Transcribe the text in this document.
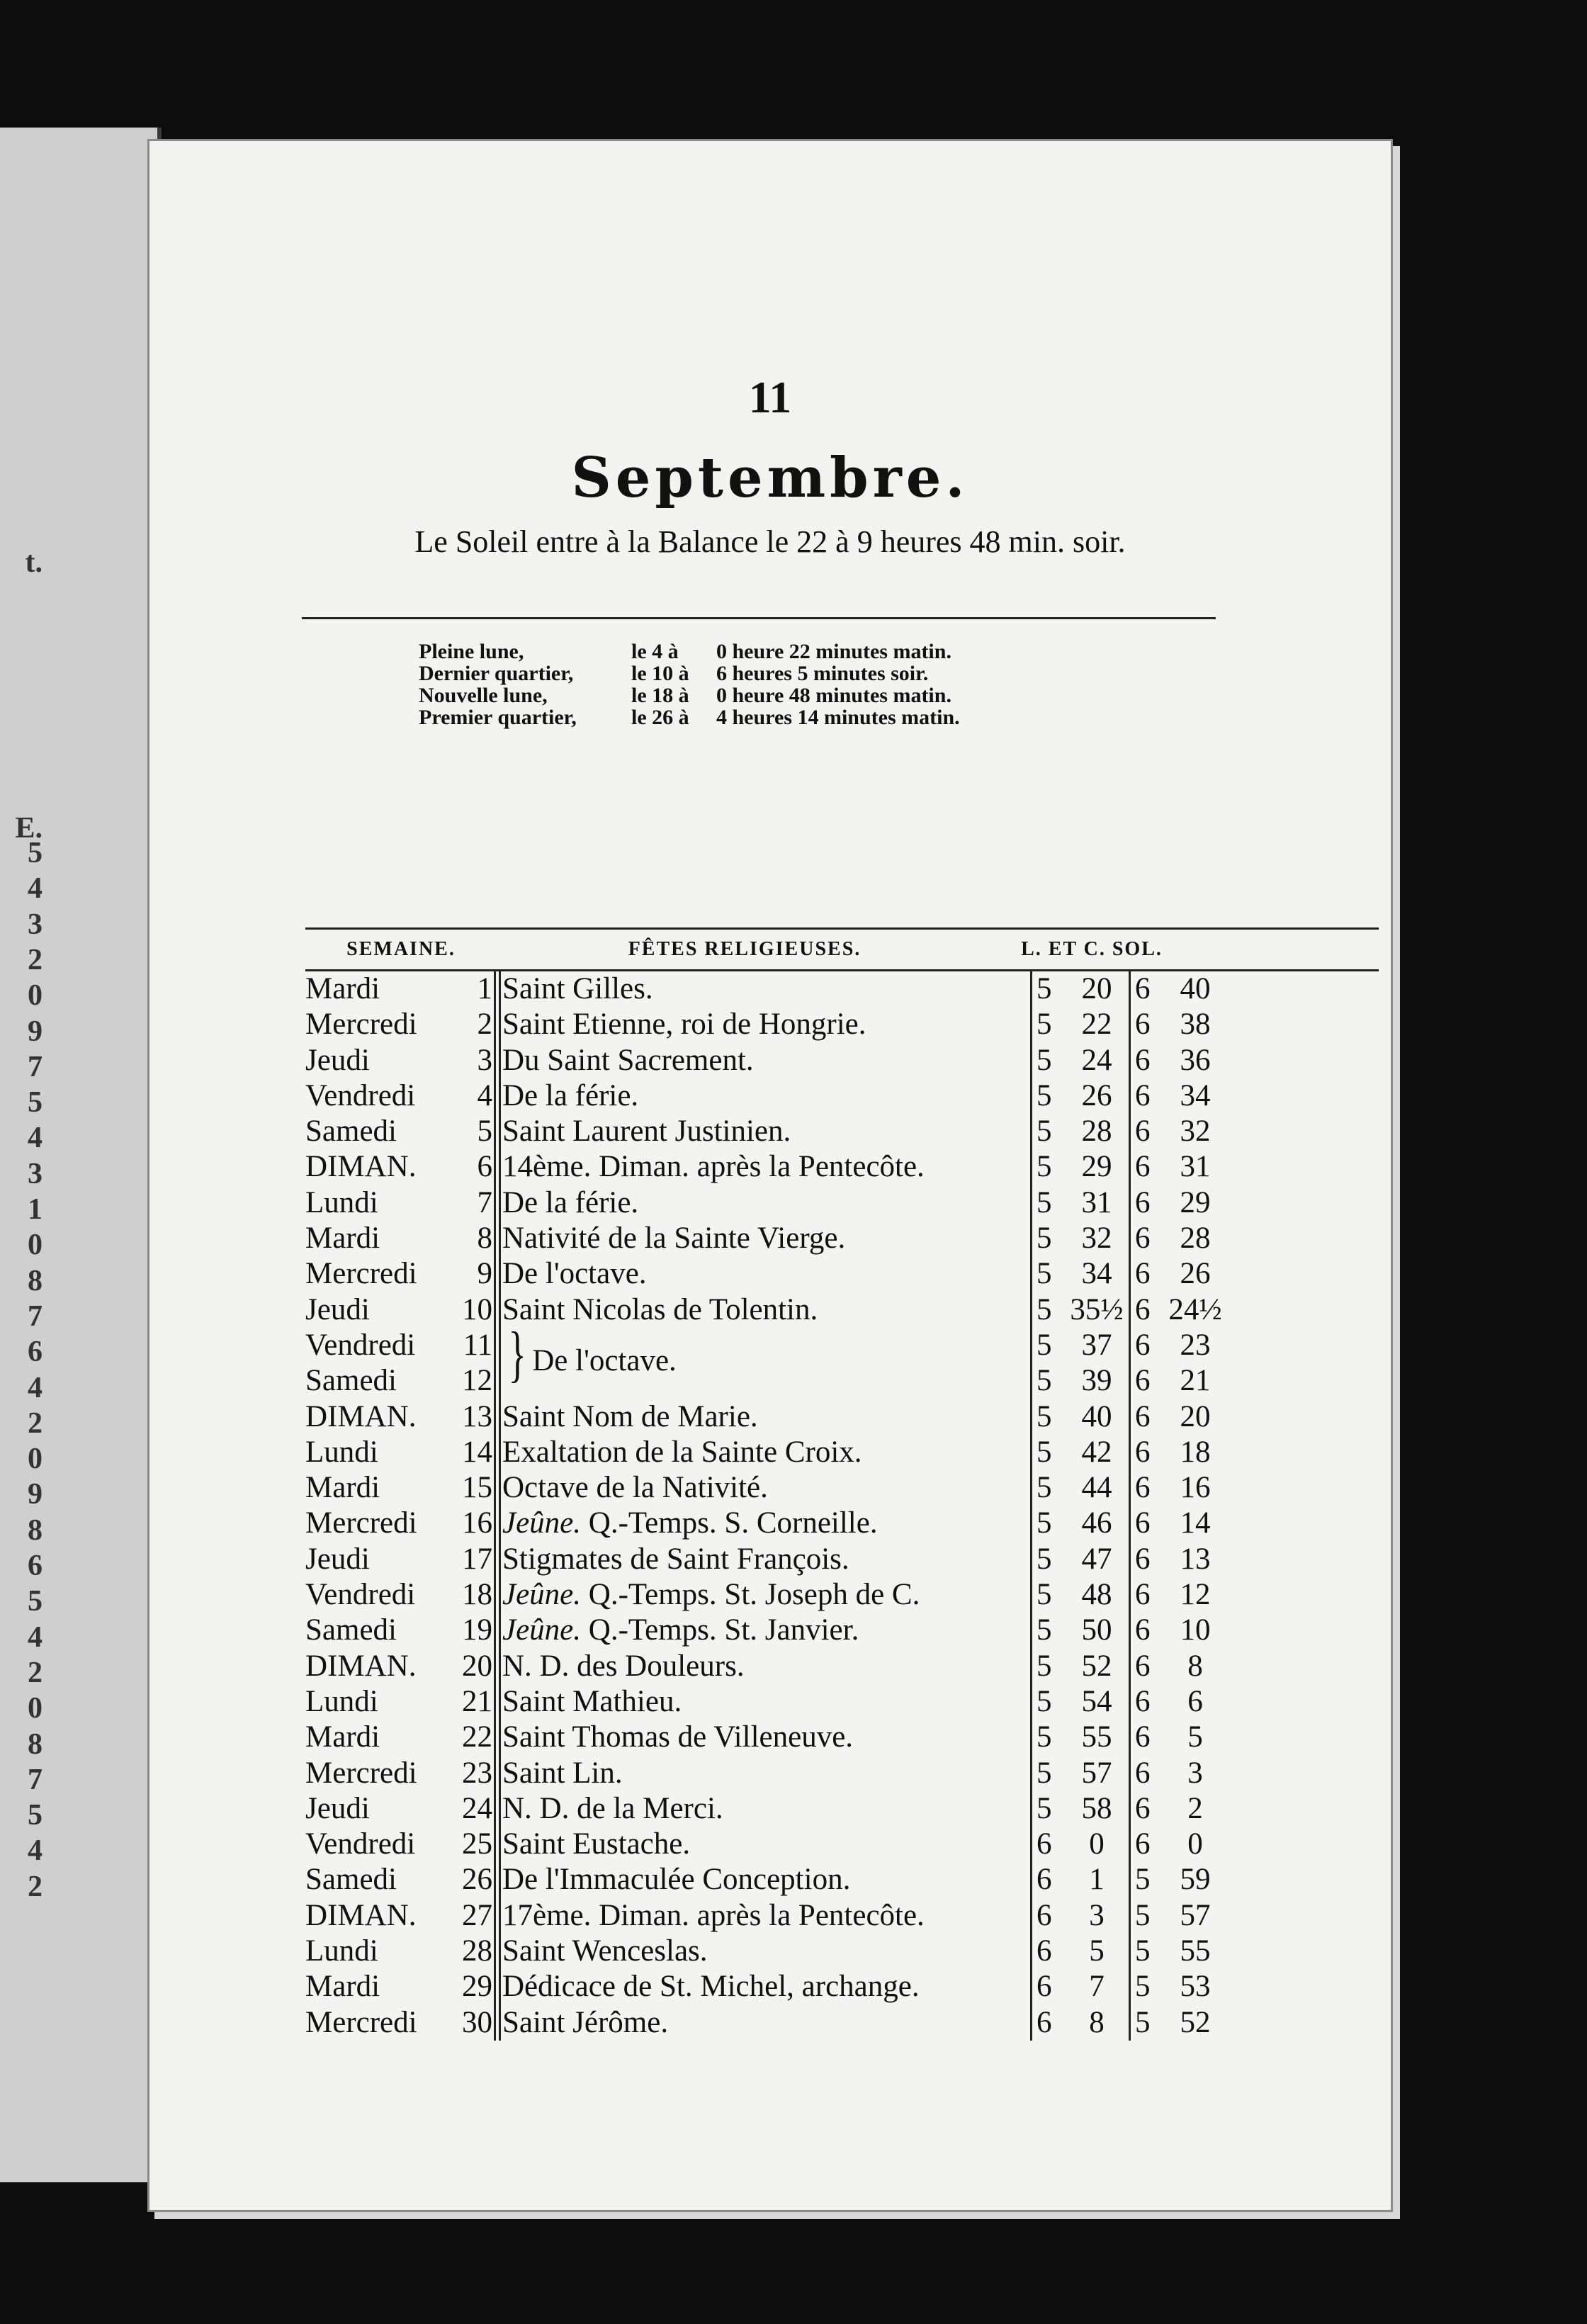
t.
E.
5
4
3
2
0
9
7
5
4
3
1
0
8
7
6
4
2
0
9
8
6
5
4
2
0
8
7
5
4
2
11
Septembre.
Le Soleil entre à la Balance le 22 à 9 heures 48 min. soir.
Pleine lune,	le 4 à	0 heure 22 minutes matin.
Dernier quartier,	le 10 à	6 heures 5 minutes soir.
Nouvelle lune,	le 18 à	0 heure 48 minutes matin.
Premier quartier,	le 26 à	4 heures 14 minutes matin.
SEMAINE.	FÊTES RELIGIEUSES.	L. ET C. SOL.
Mardi	1 Saint Gilles.	5 20 6 40
Mercredi	2 Saint Etienne, roi de Hongrie.	5 22 6 38
Jeudi	3 Du Saint Sacrement.	5 24 6 36
Vendredi	4 De la férie.	5 26 6 34
Samedi	5 Saint Laurent Justinien.	5 28 6 32
DIMAN.	6 14ème. Diman. après la Pentecôte.	5 29 6 31
Lundi	7 De la férie.	5 31 6 29
Mardi	8 Nativité de la Sainte Vierge.	5 32 6 28
Mercredi	9 De l'octave.	5 34 6 26
Jeudi	10 Saint Nicolas de Tolentin.	5 35½ 6 24½
Vendredi	11 } De l'octave.	5 37 6 23
Samedi	12	5 39 6 21
DIMAN.	13 Saint Nom de Marie.	5 40 6 20
Lundi	14 Exaltation de la Sainte Croix.	5 42 6 18
Mardi	15 Octave de la Nativité.	5 44 6 16
Mercredi	16 Jeûne. Q.-Temps. S. Corneille.	5 46 6 14
Jeudi	17 Stigmates de Saint François.	5 47 6 13
Vendredi	18 Jeûne. Q.-Temps. St. Joseph de C.	5 48 6 12
Samedi	19 Jeûne. Q.-Temps. St. Janvier.	5 50 6 10
DIMAN.	20 N. D. des Douleurs.	5 52 6	8
Lundi	21 Saint Mathieu.	5 54 6	6
Mardi	22 Saint Thomas de Villeneuve.	5 55 6	5
Mercredi	23 Saint Lin.	5 57 6	3
Jeudi	24 N. D. de la Merci.	5 58 6	2
Vendredi	25 Saint Eustache.	6	0	6	0
Samedi	26 De l'Immaculée Conception.	6	1	5 59
DIMAN.	27 17ème. Diman. après la Pentecôte.	6	3	5 57
Lundi	28 Saint Wenceslas.	6	5	5 55
Mardi	29 Dédicace de St. Michel, archange.	6	7	5 53
Mercredi	30 Saint Jérôme.	6	8	5 52
